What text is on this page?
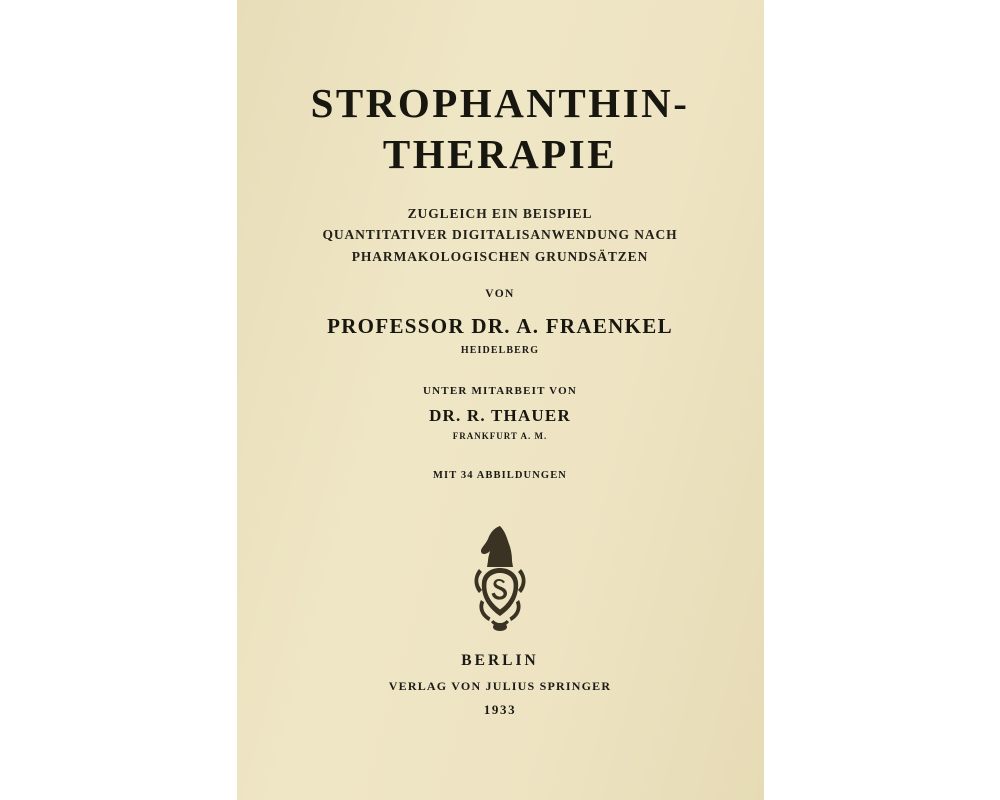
STROPHANTHIN-
THERAPIE
ZUGLEICH EIN BEISPIEL
QUANTITATIVER DIGITALISANWENDUNG NACH
PHARMAKOLOGISCHEN GRUNDSÄTZEN
VON
PROFESSOR DR. A. FRAENKEL
HEIDELBERG
UNTER MITARBEIT VON
DR. R. THAUER
FRANKFURT A. M.
MIT 34 ABBILDUNGEN
BERLIN
VERLAG VON JULIUS SPRINGER
1933
